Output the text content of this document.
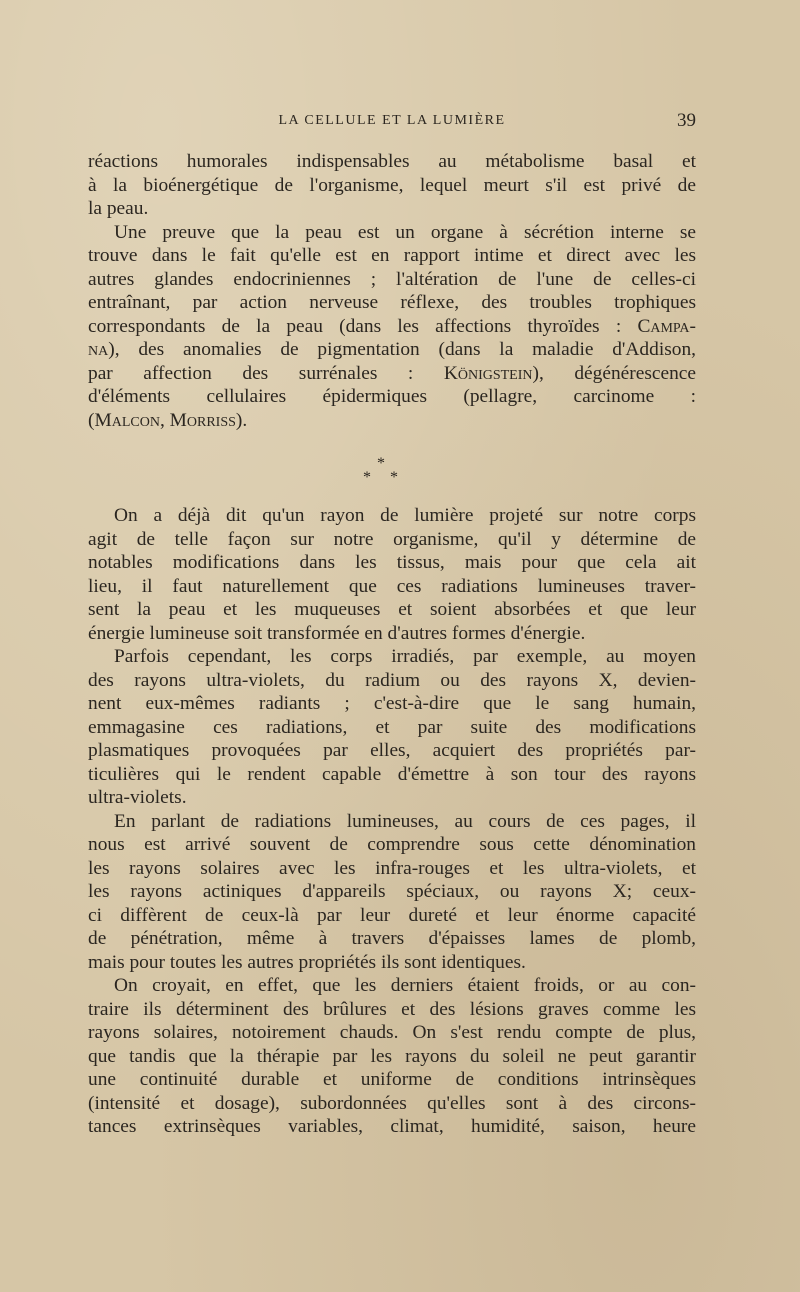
LA CELLULE ET LA LUMIÈRE	39
réactions humorales indispensables au métabolisme basal et
à la bioénergétique de l'organisme, lequel meurt s'il est privé de
la peau.
Une preuve que la peau est un organe à sécrétion interne se
trouve dans le fait qu'elle est en rapport intime et direct avec les
autres glandes endocriniennes ; l'altération de l'une de celles-ci
entraînant, par action nerveuse réflexe, des troubles trophiques
correspondants de la peau (dans les affections thyroïdes : Campa-
na), des anomalies de pigmentation (dans la maladie d'Addison,
par affection des surrénales : Königstein), dégénérescence
d'éléments cellulaires épidermiques (pellagre, carcinome :
(Malcon, Morriss).
*
* *
On a déjà dit qu'un rayon de lumière projeté sur notre corps
agit de telle façon sur notre organisme, qu'il y détermine de
notables modifications dans les tissus, mais pour que cela ait
lieu, il faut naturellement que ces radiations lumineuses traver-
sent la peau et les muqueuses et soient absorbées et que leur
énergie lumineuse soit transformée en d'autres formes d'énergie.
Parfois cependant, les corps irradiés, par exemple, au moyen
des rayons ultra-violets, du radium ou des rayons X, devien-
nent eux-mêmes radiants ; c'est-à-dire que le sang humain,
emmagasine ces radiations, et par suite des modifications
plasmatiques provoquées par elles, acquiert des propriétés par-
ticulières qui le rendent capable d'émettre à son tour des rayons
ultra-violets.
En parlant de radiations lumineuses, au cours de ces pages, il
nous est arrivé souvent de comprendre sous cette dénomination
les rayons solaires avec les infra-rouges et les ultra-violets, et
les rayons actiniques d'appareils spéciaux, ou rayons X; ceux-
ci diffèrent de ceux-là par leur dureté et leur énorme capacité
de pénétration, même à travers d'épaisses lames de plomb,
mais pour toutes les autres propriétés ils sont identiques.
On croyait, en effet, que les derniers étaient froids, or au con-
traire ils déterminent des brûlures et des lésions graves comme les
rayons solaires, notoirement chauds. On s'est rendu compte de plus,
que tandis que la thérapie par les rayons du soleil ne peut garantir
une continuité durable et uniforme de conditions intrinsèques
(intensité et dosage), subordonnées qu'elles sont à des circons-
tances extrinsèques variables, climat, humidité, saison, heure
